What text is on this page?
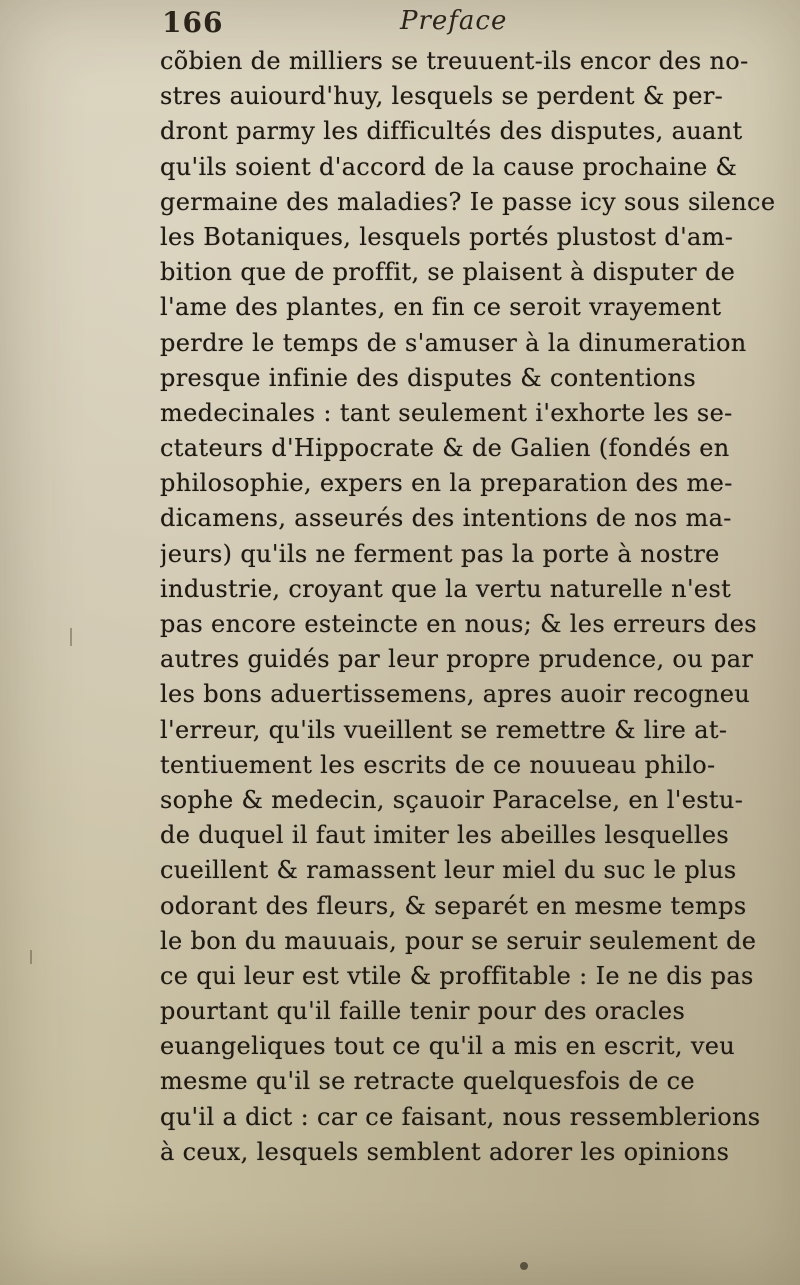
166	Preface
cõbien de milliers se treuuent-ils encor des no-
stres auiourd'huy, lesquels se perdent & per-
dront parmy les difficultés des disputes, auant
qu'ils soient d'accord de la cause prochaine &
germaine des maladies? Ie passe icy sous silence
les Botaniques, lesquels portés plustost d'am-
bition que de proffit, se plaisent à disputer de
l'ame des plantes, en fin ce seroit vrayement
perdre le temps de s'amuser à la dinumeration
presque infinie des disputes & contentions
medecinales : tant seulement i'exhorte les se-
ctateurs d'Hippocrate & de Galien (fondés en
philosophie, expers en la preparation des me-
dicamens, asseurés des intentions de nos ma-
jeurs) qu'ils ne ferment pas la porte à nostre
industrie, croyant que la vertu naturelle n'est
pas encore esteincte en nous; & les erreurs des
autres guidés par leur propre prudence, ou par
les bons aduertissemens, apres auoir recogneu
l'erreur, qu'ils vueillent se remettre & lire at-
tentiuement les escrits de ce nouueau philo-
sophe & medecin, sçauoir Paracelse, en l'estu-
de duquel il faut imiter les abeilles lesquelles
cueillent & ramassent leur miel du suc le plus
odorant des fleurs, & separét en mesme temps
le bon du mauuais, pour se seruir seulement de
ce qui leur est vtile & proffitable : Ie ne dis pas
pourtant qu'il faille tenir pour des oracles
euangeliques tout ce qu'il a mis en escrit, veu
mesme qu'il se retracte quelquesfois de ce
qu'il a dict : car ce faisant, nous ressemblerions
à ceux, lesquels semblent adorer les opinions
